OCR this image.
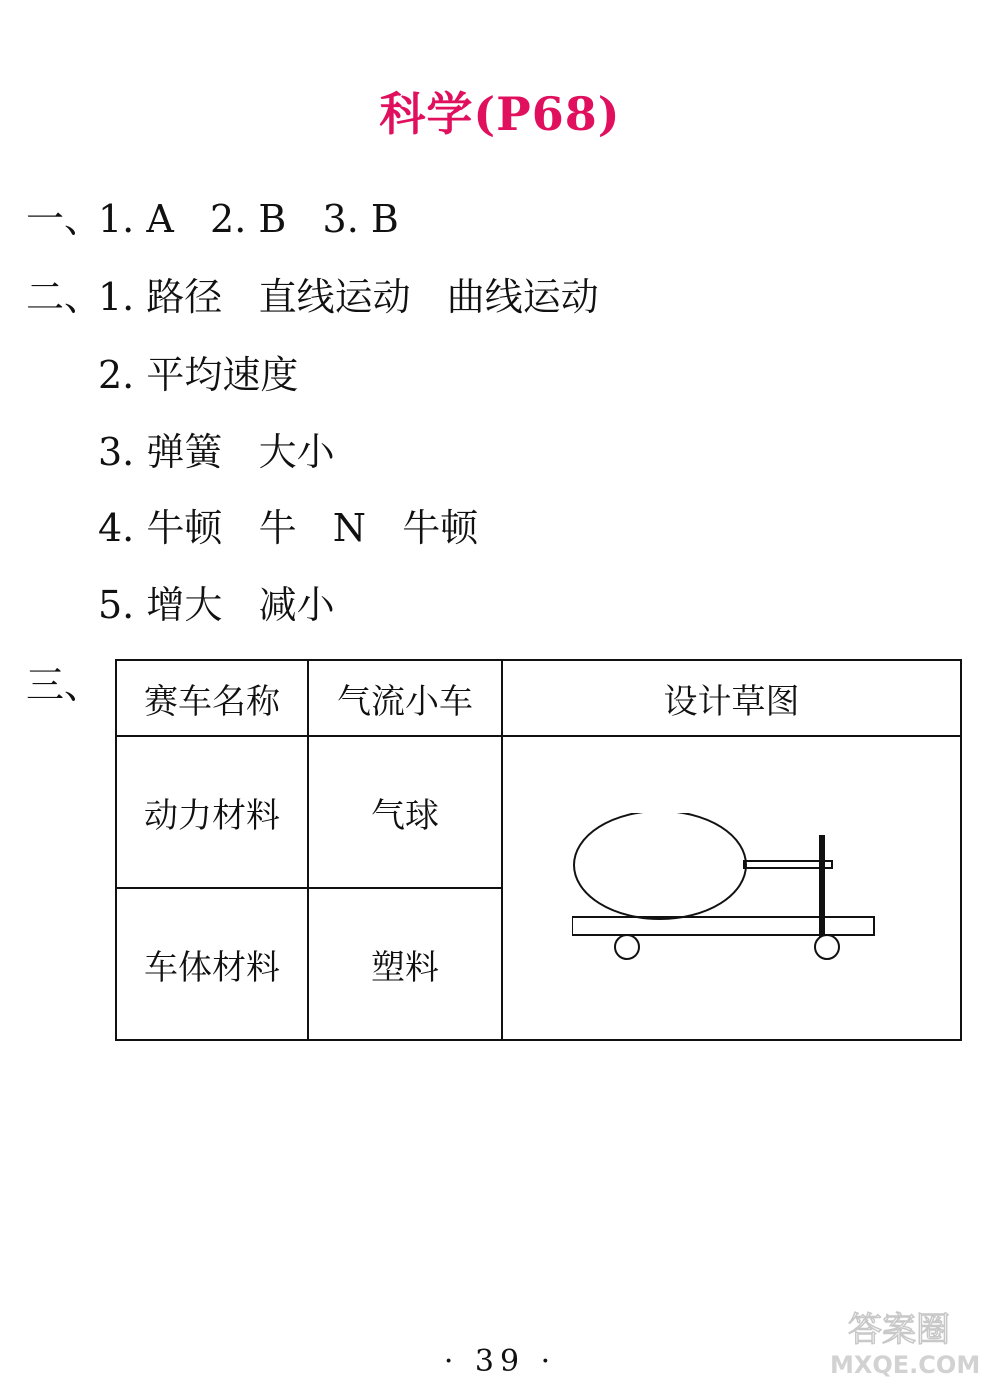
科学(P68)
一、
1. A   2. B   3. B
二、
1. 路径   直线运动   曲线运动
2. 平均速度
3. 弹簧   大小
4. 牛顿   牛   N   牛顿
5. 增大   减小
三、 赛车名称	气流小车	设计草图
动力材料	气球	

车体材料	塑料	
· 39 ·
答案圈
MXQE.COM
